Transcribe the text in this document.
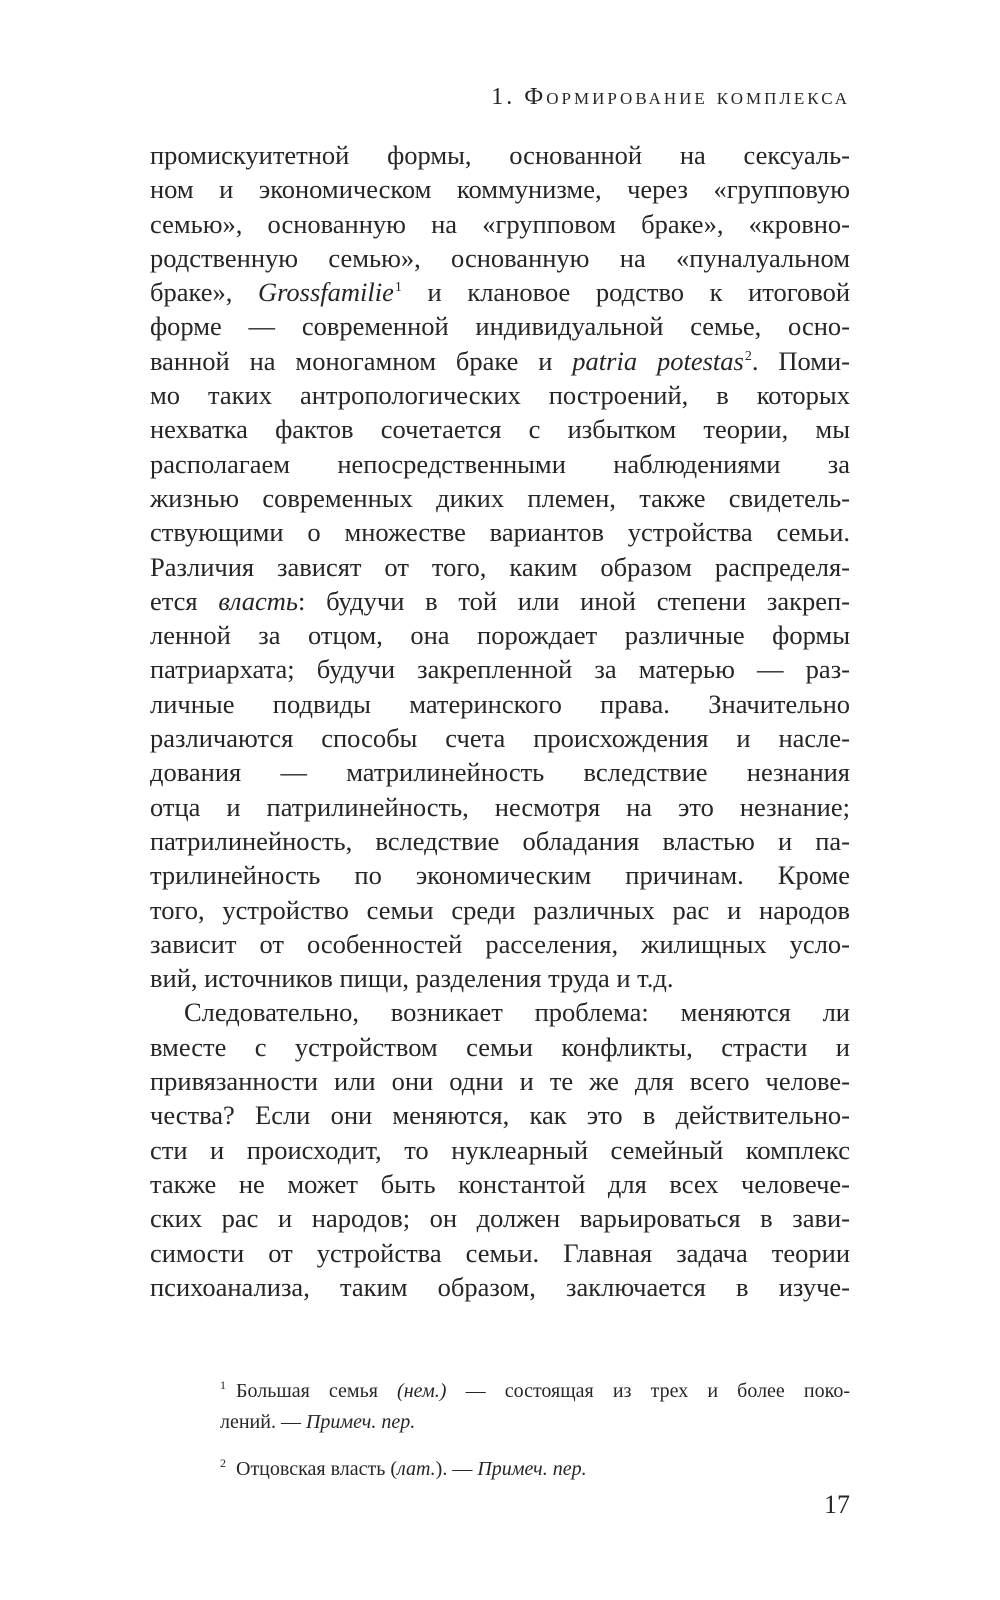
1. Формирование комплекса
промискуитетной формы, основанной на сексуаль-
ном и экономическом коммунизме, через «групповую
семью», основанную на «групповом браке», «кровно-
родственную семью», основанную на «пуналуальном
браке», Grossfamilie$^1$ и клановое родство к итоговой
форме — современной индивидуальной семье, осно-
ванной на моногамном браке и patria potestas$^2$. Поми-
мо таких антропологических построений, в которых
нехватка фактов сочетается с избытком теории, мы
располагаем непосредственными наблюдениями за
жизнью современных диких племен, также свидетель-
ствующими о множестве вариантов устройства семьи.
Различия зависят от того, каким образом распределя-
ется власть: будучи в той или иной степени закреп-
ленной за отцом, она порождает различные формы
патриархата; будучи закрепленной за матерью — раз-
личные подвиды материнского права. Значительно
различаются способы счета происхождения и насле-
дования — матрилинейность вследствие незнания
отца и патрилинейность, несмотря на это незнание;
патрилинейность, вследствие обладания властью и па-
трилинейность по экономическим причинам. Кроме
того, устройство семьи среди различных рас и народов
зависит от особенностей расселения, жилищных усло-
вий, источников пищи, разделения труда и т.д.
Следовательно, возникает проблема: меняются ли
вместе с устройством семьи конфликты, страсти и
привязанности или они одни и те же для всего челове-
чества? Если они меняются, как это в действительно-
сти и происходит, то нуклеарный семейный комплекс
также не может быть константой для всех человече-
ских рас и народов; он должен варьироваться в зави-
симости от устройства семьи. Главная задача теории
психоанализа, таким образом, заключается в изуче-
$^1$ Большая семья (нем.) — состоящая из трех и более поко-
лений. — Примеч. пер.
$^2$ Отцовская власть (лат.). — Примеч. пер.
17
